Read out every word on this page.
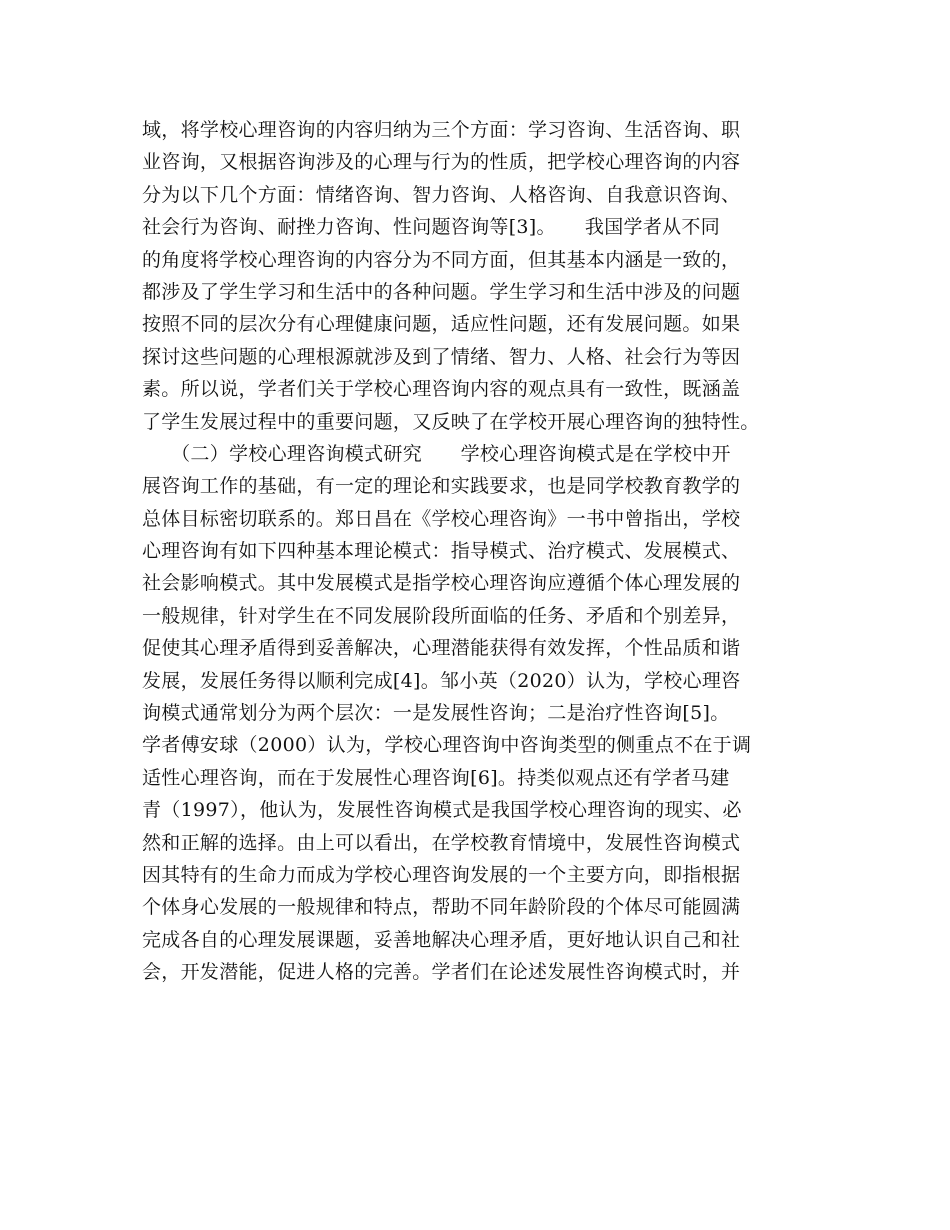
域，将学校心理咨询的内容归纳为三个方面：学习咨询、生活咨询、职
业咨询，又根据咨询涉及的心理与行为的性质，把学校心理咨询的内容
分为以下几个方面：情绪咨询、智力咨询、人格咨询、自我意识咨询、
社会行为咨询、耐挫力咨询、性问题咨询等[3]。　　我国学者从不同
的角度将学校心理咨询的内容分为不同方面，但其基本内涵是一致的，
都涉及了学生学习和生活中的各种问题。学生学习和生活中涉及的问题
按照不同的层次分有心理健康问题，适应性问题，还有发展问题。如果
探讨这些问题的心理根源就涉及到了情绪、智力、人格、社会行为等因
素。所以说，学者们关于学校心理咨询内容的观点具有一致性，既涵盖
了学生发展过程中的重要问题，又反映了在学校开展心理咨询的独特性。
　　（二）学校心理咨询模式研究　　学校心理咨询模式是在学校中开
展咨询工作的基础，有一定的理论和实践要求，也是同学校教育教学的
总体目标密切联系的。郑日昌在《学校心理咨询》一书中曾指出，学校
心理咨询有如下四种基本理论模式：指导模式、治疗模式、发展模式、
社会影响模式。其中发展模式是指学校心理咨询应遵循个体心理发展的
一般规律，针对学生在不同发展阶段所面临的任务、矛盾和个别差异，
促使其心理矛盾得到妥善解决，心理潜能获得有效发挥，个性品质和谐
发展，发展任务得以顺利完成[4]。邹小英（2020）认为，学校心理咨
询模式通常划分为两个层次：一是发展性咨询；二是治疗性咨询[5]。
学者傅安球（2000）认为，学校心理咨询中咨询类型的侧重点不在于调
适性心理咨询，而在于发展性心理咨询[6]。持类似观点还有学者马建
青（1997），他认为，发展性咨询模式是我国学校心理咨询的现实、必
然和正解的选择。由上可以看出，在学校教育情境中，发展性咨询模式
因其特有的生命力而成为学校心理咨询发展的一个主要方向，即指根据
个体身心发展的一般规律和特点，帮助不同年龄阶段的个体尽可能圆满
完成各自的心理发展课题，妥善地解决心理矛盾，更好地认识自己和社
会，开发潜能，促进人格的完善。学者们在论述发展性咨询模式时，并
